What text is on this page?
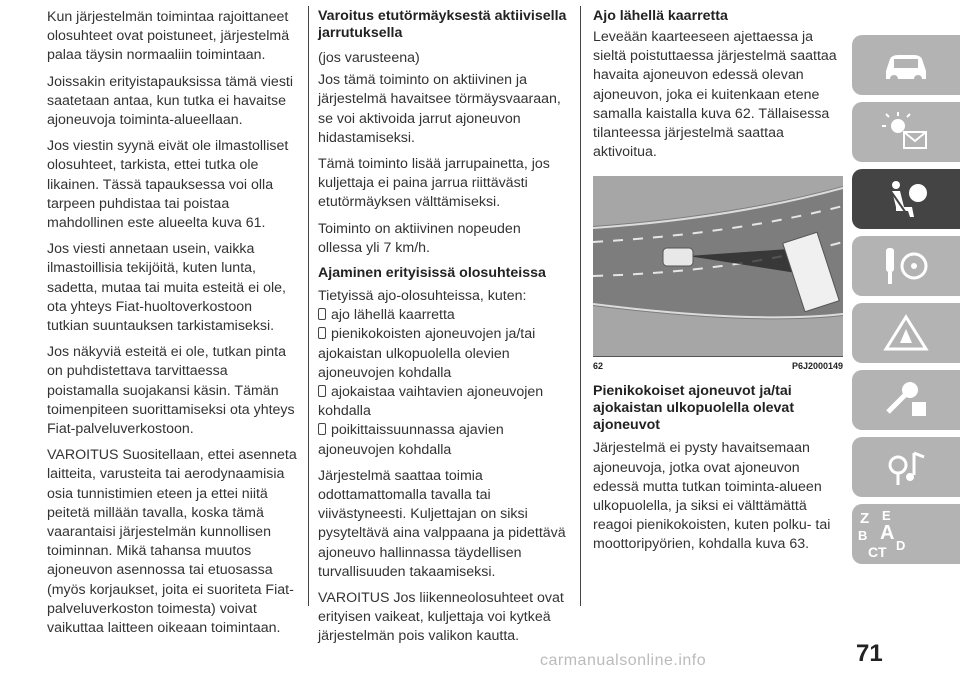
Kun järjestelmän toimintaa rajoittaneet olosuhteet ovat poistuneet, järjestelmä palaa täysin normaaliin toimintaan.

Joissakin erityistapauksissa tämä viesti saatetaan antaa, kun tutka ei havaitse ajoneuvoja toiminta-alueellaan.

Jos viestin syynä eivät ole ilmastolliset olosuhteet, tarkista, ettei tutka ole likainen. Tässä tapauksessa voi olla tarpeen puhdistaa tai poistaa mahdollinen este alueelta kuva 61.

Jos viesti annetaan usein, vaikka ilmastoillisia tekijöitä, kuten lunta, sadetta, mutaa tai muita esteitä ei ole, ota yhteys Fiat-huoltoverkostoon tutkian suuntauksen tarkistamiseksi.

Jos näkyviä esteitä ei ole, tutkan pinta on puhdistettava tarvittaessa poistamalla suojakansi käsin. Tämän toimenpiteen suorittamiseksi ota yhteys Fiat-palveluverkostoon.

VAROITUS Suositellaan, ettei asenneta laitteita, varusteita tai aerodynaamisia osia tunnistimien eteen ja ettei niitä peitetä millään tavalla, koska tämä vaarantaisi järjestelmän kunnollisen toiminnan. Mikä tahansa muutos ajoneuvon asennossa tai etuosassa (myös korjaukset, joita ei suoriteta Fiat-palveluverkoston toimesta) voivat vaikuttaa laitteen oikeaan toimintaan.

Varoitus etutörmäyksestä aktiivisella jarrutuksella

(jos varusteena)

Jos tämä toiminto on aktiivinen ja järjestelmä havaitsee törmäysvaaraan, se voi aktivoida jarrut ajoneuvon hidastamiseksi.

Tämä toiminto lisää jarrupainetta, jos kuljettaja ei paina jarrua riittävästi etutörmäyksen välttämiseksi.

Toiminto on aktiivinen nopeuden ollessa yli 7 km/h.

Ajaminen erityisissä olosuhteissa

Tietyissä ajo-olosuhteissa, kuten:

ajo lähellä kaarretta
pienikokoisten ajoneuvojen ja/tai ajokaistan ulkopuolella olevien ajoneuvojen kohdalla
ajokaistaa vaihtavien ajoneuvojen kohdalla
poikittaissuunnassa ajavien ajoneuvojen kohdalla

Järjestelmä saattaa toimia odottamattomalla tavalla tai viivästyneesti. Kuljettajan on siksi pysyteltävä aina valppaana ja pidettävä ajoneuvo hallinnassa täydellisen turvallisuuden takaamiseksi.

VAROITUS Jos liikenneolosuhteet ovat erityisen vaikeat, kuljettaja voi kytkeä järjestelmän pois valikon kautta.

Ajo lähellä kaarretta

Leveään kaarteeseen ajettaessa ja sieltä poistuttaessa järjestelmä saattaa havaita ajoneuvon edessä olevan ajoneuvon, joka ei kuitenkaan etene samalla kaistalla kuva 62. Tällaisessa tilanteessa järjestelmä saattaa aktivoitua.

62	P6J2000149

Pienikokoiset ajoneuvot ja/tai ajokaistan ulkopuolella olevat ajoneuvot

Järjestelmä ei pysty havaitsemaan ajoneuvoja, jotka ovat ajoneuvon edessä mutta tutkan toiminta-alueen ulkopuolella, ja siksi ei välttämättä reagoi pienikokoisten, kuten polku- tai moottoripyörien, kohdalla kuva 63.

Z E
B A
C T D
71
carmanualsonline.info
